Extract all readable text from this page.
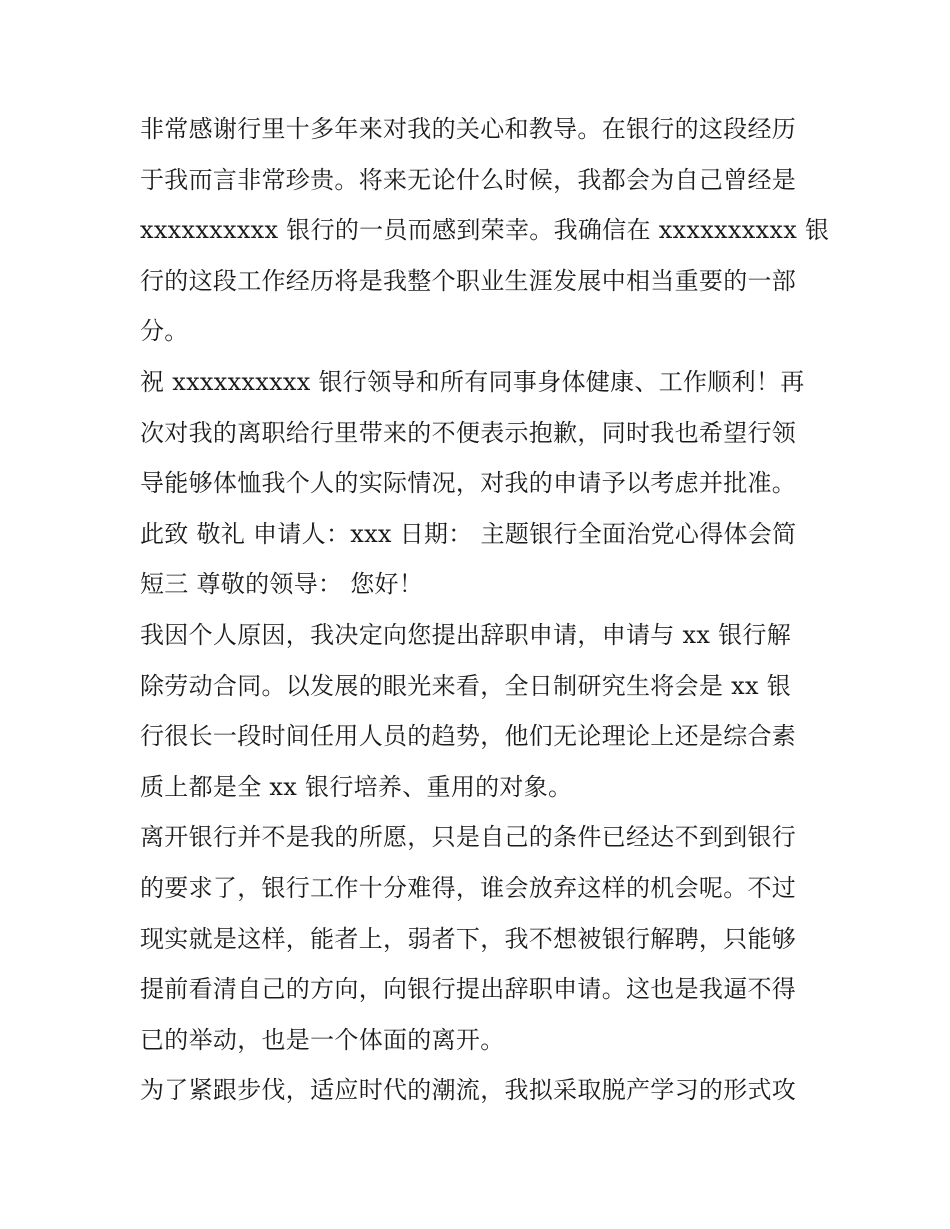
非常感谢行里十多年来对我的关心和教导。在银行的这段经历
于我而言非常珍贵。将来无论什么时候，我都会为自己曾经是
xxxxxxxxxx 银行的一员而感到荣幸。我确信在 xxxxxxxxxx 银
行的这段工作经历将是我整个职业生涯发展中相当重要的一部
分。
祝 xxxxxxxxxx 银行领导和所有同事身体健康、工作顺利！再
次对我的离职给行里带来的不便表示抱歉，同时我也希望行领
导能够体恤我个人的实际情况，对我的申请予以考虑并批准。
此致 敬礼 申请人：xxx 日期： 主题银行全面治党心得体会简
短三 尊敬的领导： 您好！
我因个人原因，我决定向您提出辞职申请，申请与 xx 银行解
除劳动合同。以发展的眼光来看，全日制研究生将会是 xx 银
行很长一段时间任用人员的趋势，他们无论理论上还是综合素
质上都是全 xx 银行培养、重用的对象。
离开银行并不是我的所愿，只是自己的条件已经达不到到银行
的要求了，银行工作十分难得，谁会放弃这样的机会呢。不过
现实就是这样，能者上，弱者下，我不想被银行解聘，只能够
提前看清自己的方向，向银行提出辞职申请。这也是我逼不得
已的举动，也是一个体面的离开。
为了紧跟步伐，适应时代的潮流，我拟采取脱产学习的形式攻
